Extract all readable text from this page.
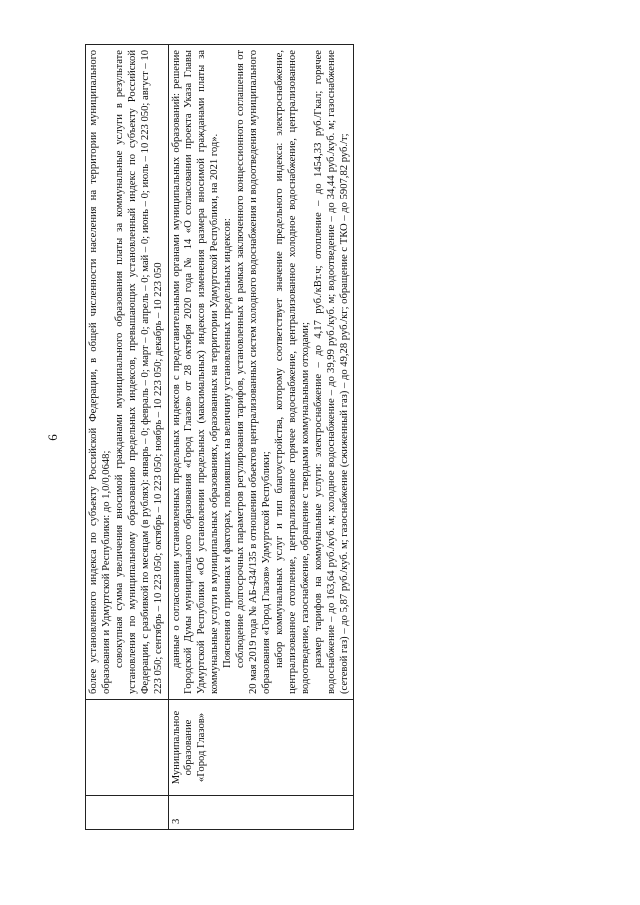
6

		более установленного индекса по субъекту Российской Федерации, в общей численности населения на территории муниципального образования и Удмуртской Республики: до 1,0/0,0648; совокупная сумма увеличения вносимой гражданами муниципального образования платы за коммунальные услуги в результате установления по муниципальному образованию предельных индексов, превышающих установленный индекс по субъекту Российской Федерации, с разбивкой по месяцам (в рублях): январь – 0; февраль – 0; март – 0; апрель – 0; май – 0; июнь – 0; июль – 10 223 050; август – 10 223 050; сентябрь – 10 223 050; октябрь – 10 223 050; ноябрь – 10 223 050; декабрь – 10 223 050

3	Муниципальное образование «Город Глазов»	данные о согласовании установленных предельных индексов с представительными органами муниципальных образований: решение Городской Думы муниципального образования «Город Глазов» от 28 октября 2020 года № 14 «О согласовании проекта Указа Главы Удмуртской Республики «Об установлении предельных (максимальных) индексов изменения размера вносимой гражданами платы за коммунальные услуги в муниципальных образованиях, образованных на территории Удмуртской Республики, на 2021 год». Пояснения о причинах и факторах, повлиявших на величину установленных предельных индексов: соблюдение долгосрочных параметров регулирования тарифов, установленных в рамках заключенного концессионного соглашения от 20 мая 2019 года № АБ-434/135 в отношении объектов централизованных систем холодного водоснабжения и водоотведения муниципального образования «Город Глазов» Удмуртской Республики; набор коммунальных услуг и тип благоустройства, которому соответствует значение предельного индекса: электроснабжение, централизованное отопление, централизованное горячее водоснабжение, централизованное холодное водоснабжение, централизованное водоотведение, газоснабжение, обращение с твердыми коммунальными отходами; размер тарифов на коммунальные услуги: электроснабжение – до 4,17 руб./кВт.ч; отопление – до 1454,33 руб./Гкал; горячее водоснабжение – до 163,64 руб./куб. м; холодное водоснабжение – до 39,99 руб./куб. м; водоотведение – до 34,44 руб./куб. м; газоснабжение (сетевой газ) – до 5,87 руб./куб. м; газоснабжение (сжиженный газ) – до 49,28 руб./кг; обращение с ТКО – до 5907,82 руб./т;
